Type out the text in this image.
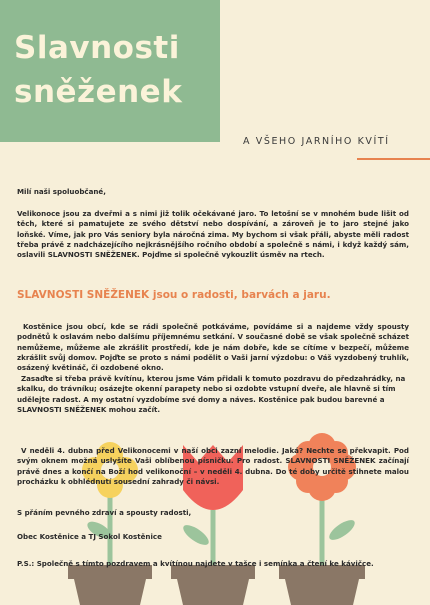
Slavnosti
sněženek
A VŠEHO JARNÍHO KVÍTÍ
Milí naši spoluobčané,
Velikonoce jsou za dveřmi a s nimi již tolik očekávané jaro. To letošní se v mnohém bude lišit od těch, které si pamatujete ze svého dětství nebo dospívání, a zároveň je to jaro stejné jako loňské. Víme, jak pro Vás seniory byla náročná zima. My bychom si však přáli, abyste měli radost třeba právě z nadcházejícího nejkrásnějšího ročního období a společně s námi, i když každý sám, oslavili SLAVNOSTI SNĚŽENEK. Pojďme si společně vykouzlit úsměv na rtech.
SLAVNOSTI SNĚŽENEK jsou o radosti, barvách a jaru.
Kostěnice jsou obcí, kde se rádi společně potkáváme, povídáme si a najdeme vždy spousty podnětů k oslavám nebo dalšímu příjemnému setkání. V současné době se však společně scházet nemůžeme, můžeme ale zkrášlit prostředí, kde je nám dobře, kde se cítíme v bezpečí, můžeme zkrášlit svůj domov. Pojďte se proto s námi podělit o Vaši jarní výzdobu: o Váš vyzdobený truhlík, osázený květináč, či ozdobené okno.
Zasaďte si třeba právě kvítínu, kterou jsme Vám přidali k tomuto pozdravu do předzahrádky, na skalku, do trávníku; osázejte okenní parapety nebo si ozdobte vstupní dveře, ale hlavně si tím udělejte radost. A my ostatní vyzdobíme své domy a náves. Kostěnice pak budou barevné a SLAVNOSTI SNĚŽENEK mohou začít.
V neděli 4. dubna před Velikonocemi v naší obci zazní melodie. Jaká? Nechte se překvapit. Pod svým oknem možná uslyšíte Vaši oblíbenou písničku. Pro radost. SLAVNOSTI SNĚŽENEK začínají právě dnes a končí na Boží hod velikonoční – v neděli 4. dubna. Do té doby určitě stihnete malou procházku k obhlédnutí sousední zahrady či návsi.
S přáním pevného zdraví a spousty radosti,
Obec Kostěnice a TJ Sokol Kostěnice
P.S.: Společně s tímto pozdravem a kvítínou najdete v tašce i semínka a čtení ke kávičce.
